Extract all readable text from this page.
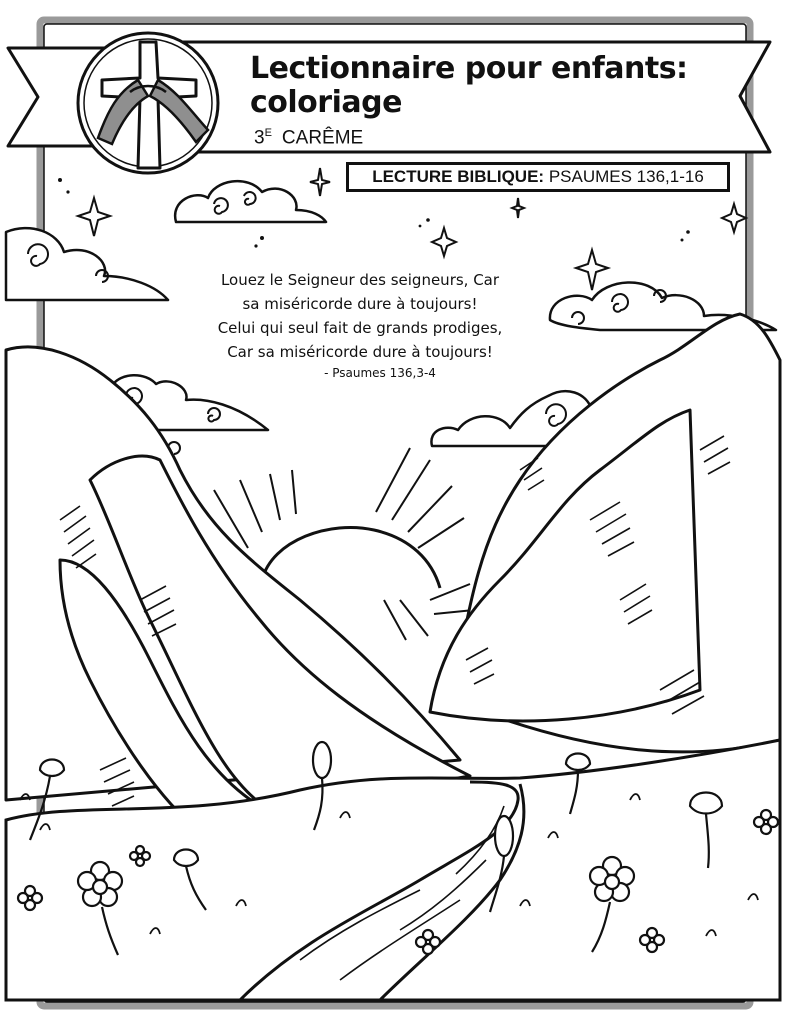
Lectionnaire pour enfants:

coloriage

$3^E$ CARÊME
LECTURE BIBLIQUE: PSAUMES 136,1-16
Louez le Seigneur des seigneurs, Car
sa miséricorde dure à toujours!
Celui qui seul fait de grands prodiges,
Car sa miséricorde dure à toujours!
- Psaumes 136,3-4
